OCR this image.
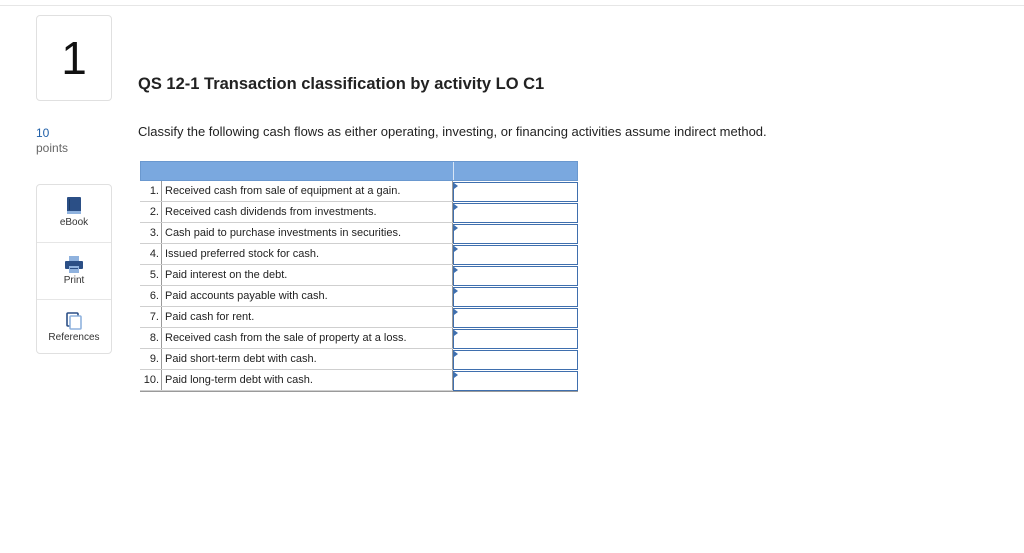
1
10
points
eBook
Print
References
QS 12-1 Transaction classification by activity LO C1
Classify the following cash flows as either operating, investing, or financing activities assume indirect method.
1. Received cash from sale of equipment at a gain.
2. Received cash dividends from investments.
3. Cash paid to purchase investments in securities.
4. Issued preferred stock for cash.
5. Paid interest on the debt.
6. Paid accounts payable with cash.
7. Paid cash for rent.
8. Received cash from the sale of property at a loss.
9. Paid short-term debt with cash.
10. Paid long-term debt with cash.
